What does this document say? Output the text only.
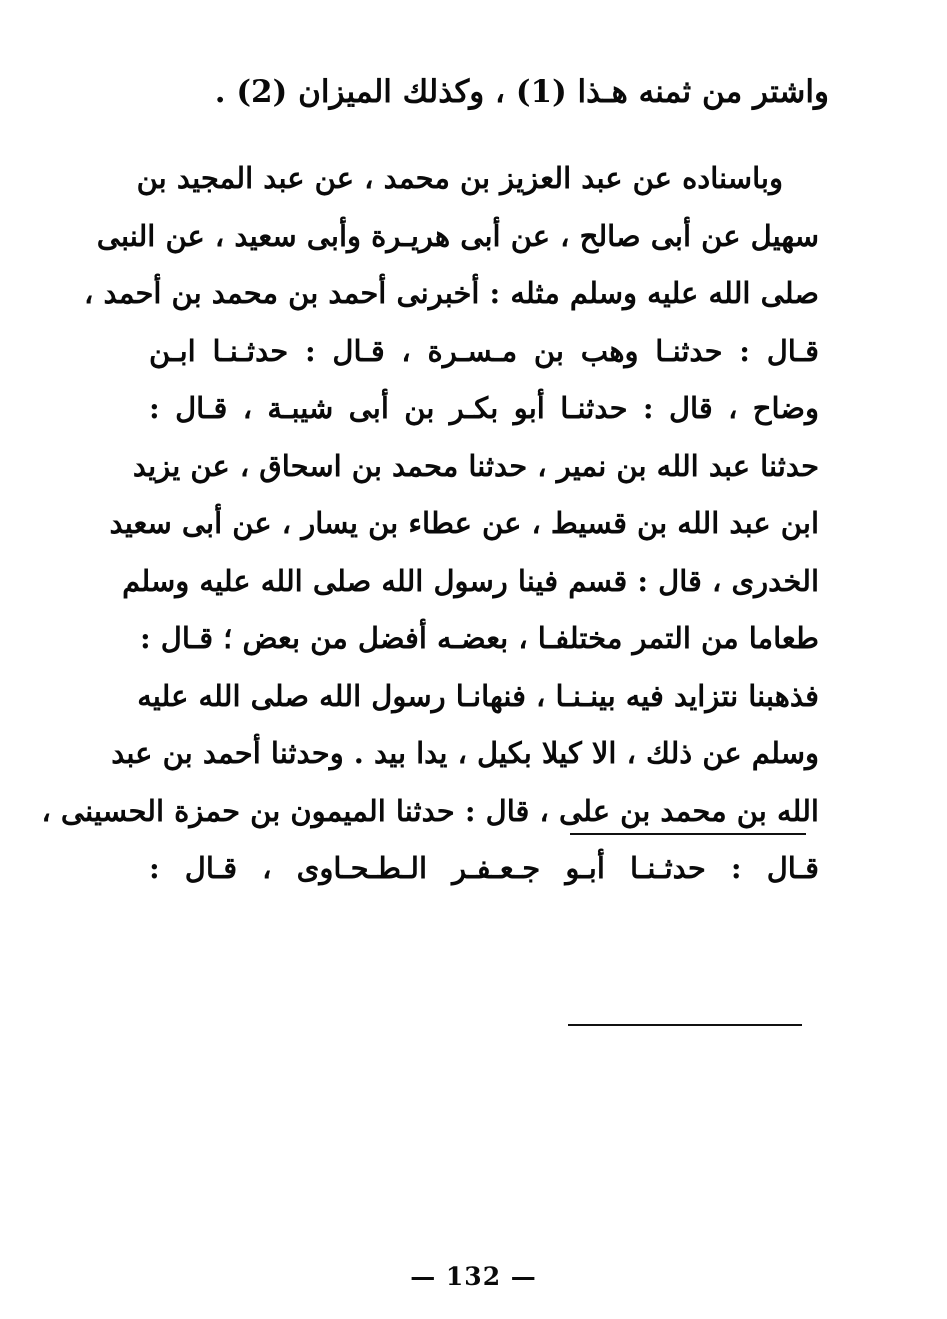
واشتر من ثمنه هـذا (1) ، وكذلك الميزان (2) .
وباسناده عن عبد العزيز بن محمد ، عن عبد المجيد بن
سهيل عن أبى صالح ، عن أبى هريـرة وأبى سعيد ، عن النبى
صلى الله عليه وسلم مثله : أخبرنى أحمد بن محمد بن أحمد ،
قـال : حدثنـا وهب بن مـسـرة ، قـال : حدثـنـا ابـن
وضاح ، قال : حدثنـا أبو بكـر بن أبى شيبـة ، قـال :
حدثنا عبد الله بن نمير ، حدثنا محمد بن اسحاق ، عن يزيد
ابن عبد الله بن قسيط ، عن عطاء بن يسار ، عن أبى سعيد
الخدرى ، قال : قسم فينا رسول الله صلى الله عليه وسلم
طعاما من التمر مختلفـا ، بعضـه أفضل من بعض ؛ قـال :
فذهبنا نتزايد فيه بينـنـا ، فنهانـا رسول الله صلى الله عليه
وسلم عن ذلك ، الا كيلا بكيل ، يدا بيد . وحدثنا أحمد بن عبد
الله بن محمد بن على ، قال : حدثنا الميمون بن حمزة الحسينى ،
قـال : حدثـنـا أبـو جـعـفـر الـطـحـاوى ، قـال :
— 132 —
